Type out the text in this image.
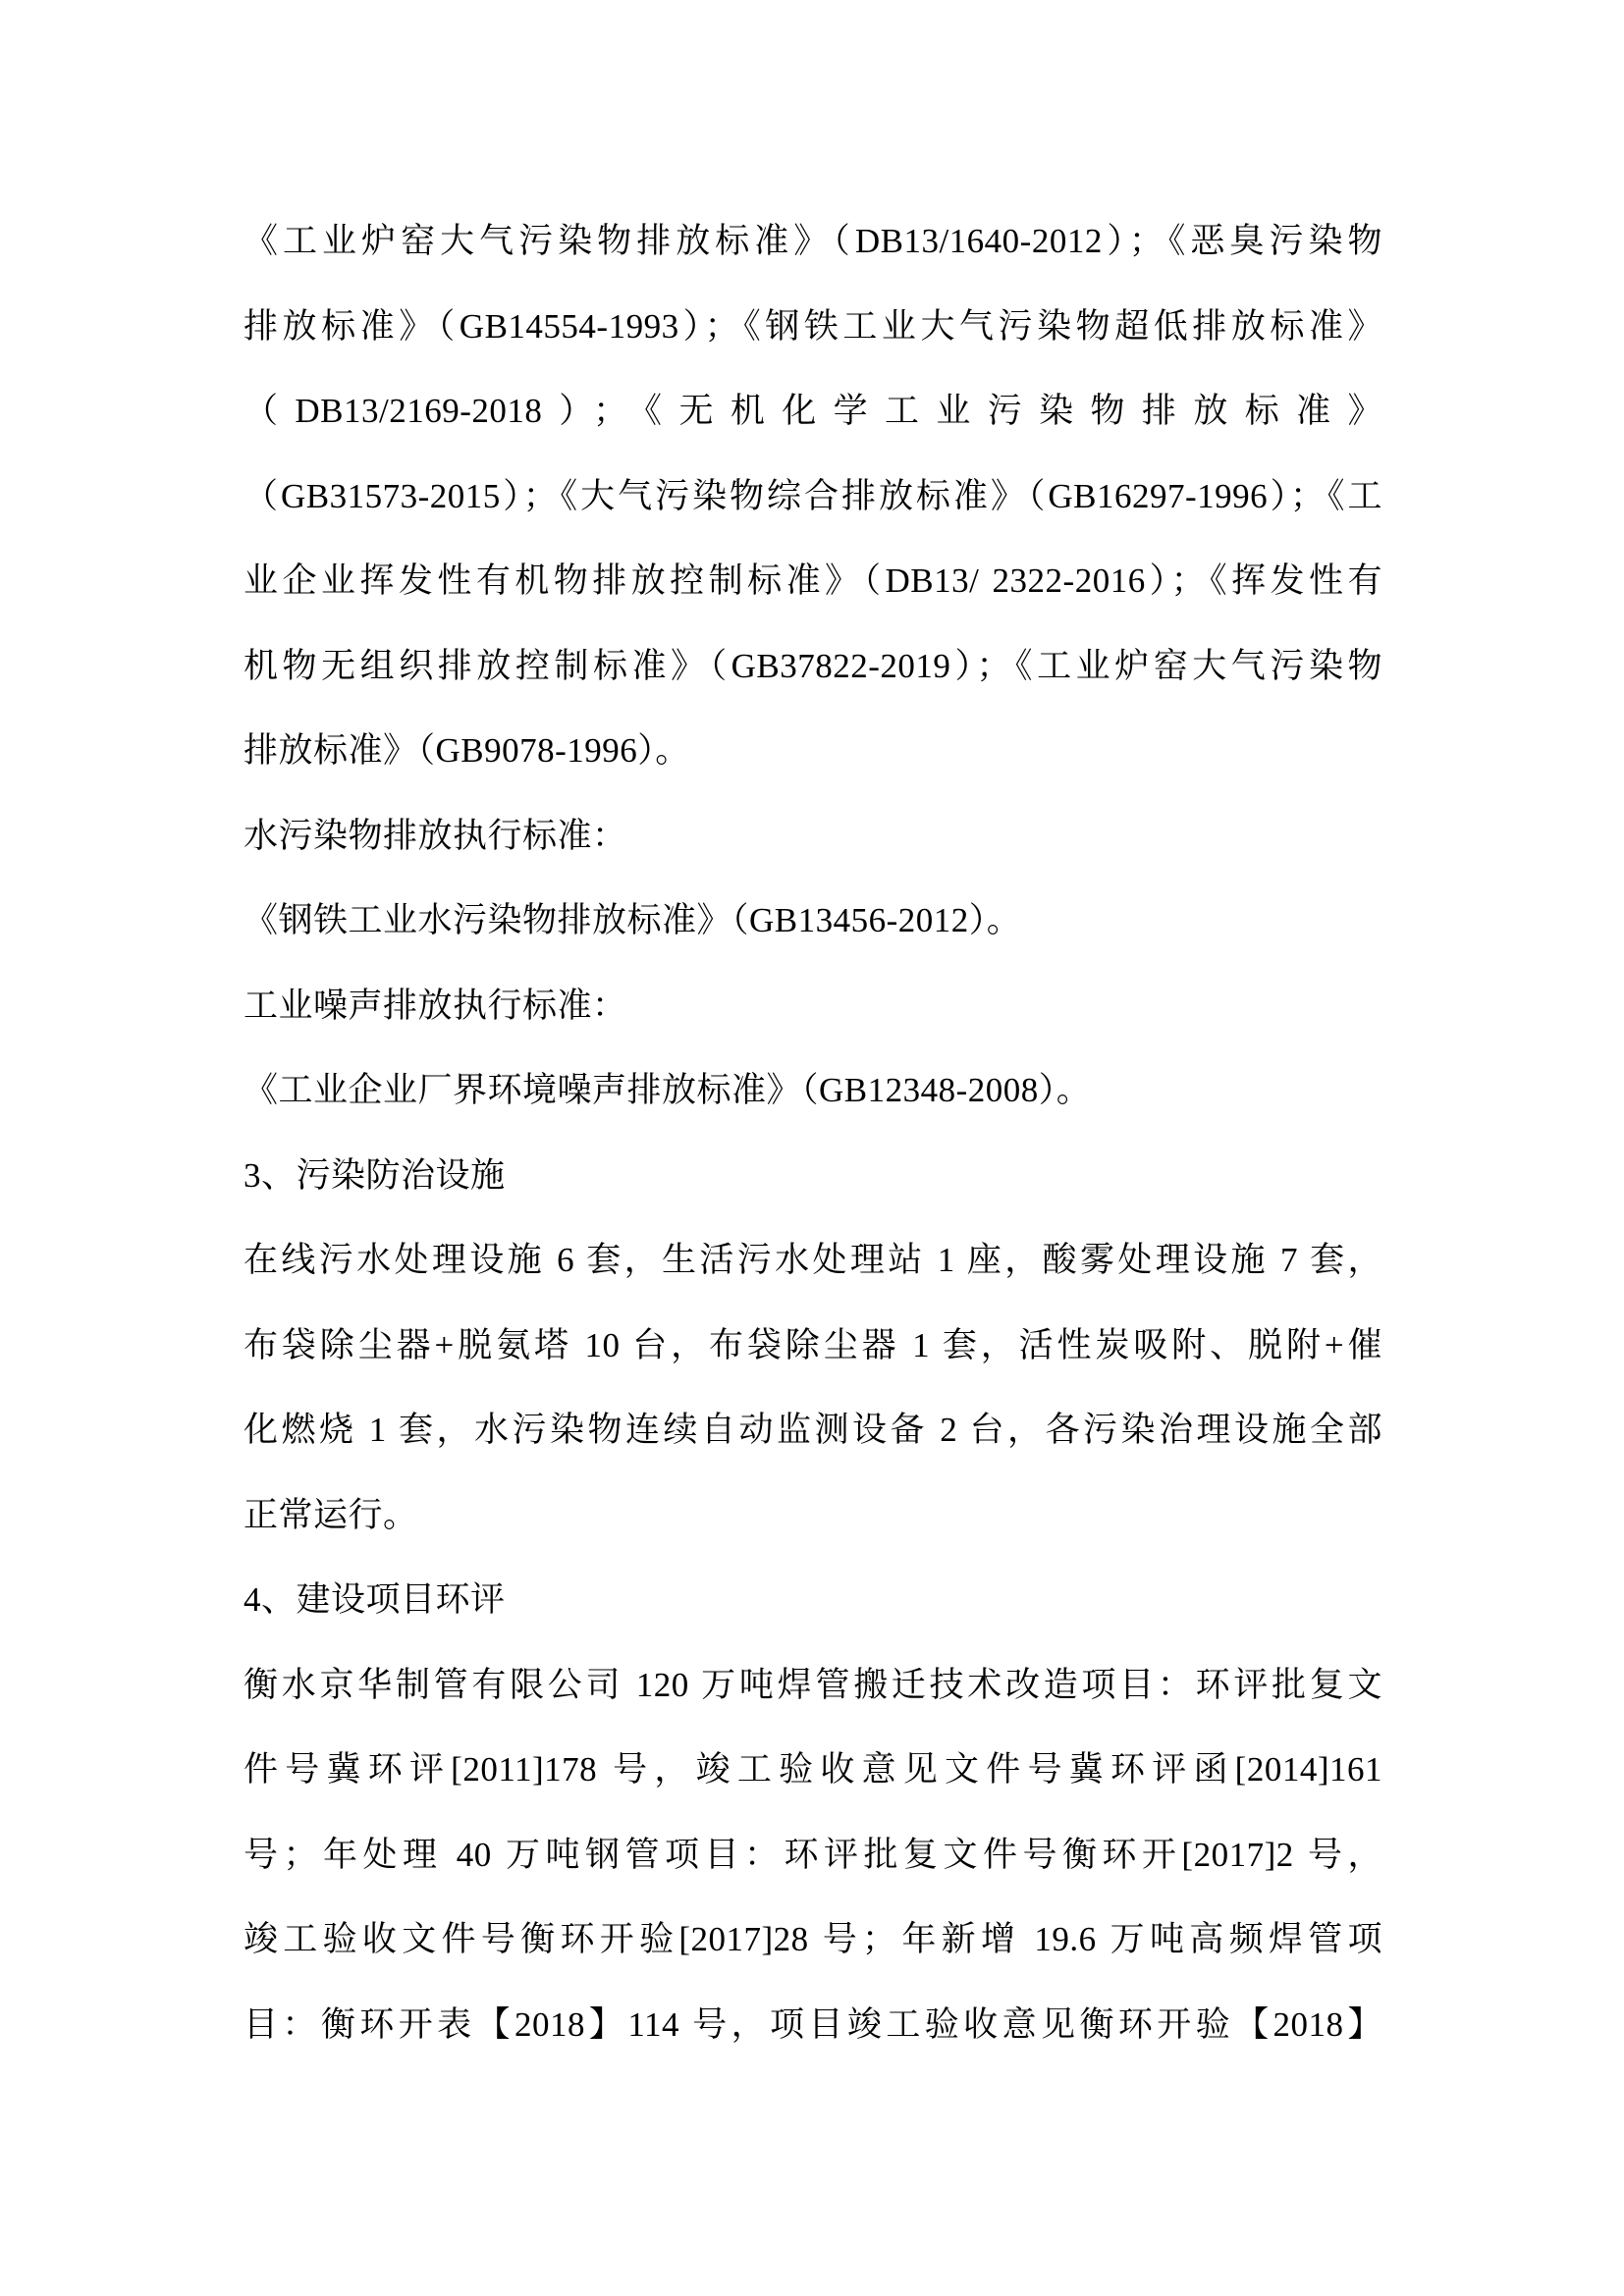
《工业炉窑大气污染物排放标准》（DB13/1640-2012）；《恶臭污染物
排放标准》（GB14554-1993）；《钢铁工业大气污染物超低排放标准》
（DB13/2169-2018）；《无机化学工业污染物排放标准》
（GB31573-2015）；《大气污染物综合排放标准》（GB16297-1996）；《工
业企业挥发性有机物排放控制标准》（DB13/ 2322-2016）；《挥发性有
机物无组织排放控制标准》（GB37822-2019）；《工业炉窑大气污染物
排放标准》（GB9078-1996）。
水污染物排放执行标准：
《钢铁工业水污染物排放标准》（GB13456-2012）。
工业噪声排放执行标准：
《工业企业厂界环境噪声排放标准》（GB12348-2008）。
3、污染防治设施
在线污水处理设施 6 套，生活污水处理站 1 座，酸雾处理设施 7 套，
布袋除尘器+脱氨塔 10 台，布袋除尘器 1 套，活性炭吸附、脱附+催
化燃烧 1 套，水污染物连续自动监测设备 2 台，各污染治理设施全部
正常运行。
4、建设项目环评
衡水京华制管有限公司 120 万吨焊管搬迁技术改造项目：环评批复文
件号冀环评[2011]178 号，竣工验收意见文件号冀环评函[2014]161
号；年处理 40 万吨钢管项目：环评批复文件号衡环开[2017]2 号，
竣工验收文件号衡环开验[2017]28 号；年新增 19.6 万吨高频焊管项
目：衡环开表【2018】114 号，项目竣工验收意见衡环开验【2018】
